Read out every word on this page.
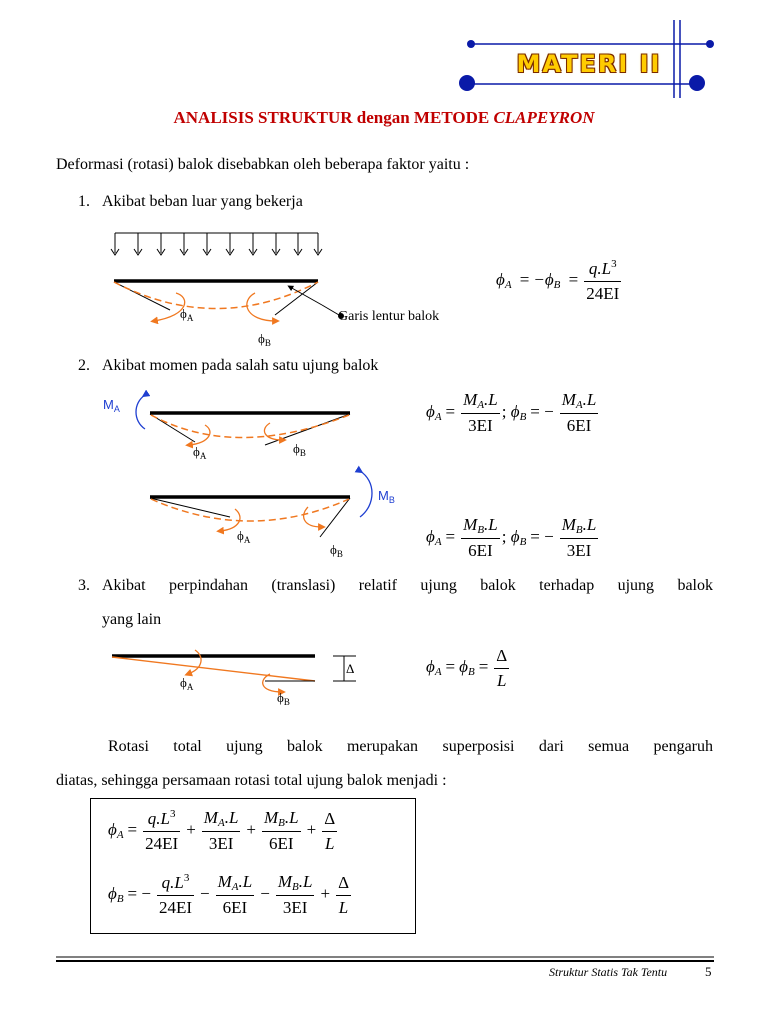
MATERI II
ANALISIS STRUKTUR dengan METODE CLAPEYRON
Deformasi (rotasi) balok disebabkan oleh beberapa faktor yaitu :
1. Akibat beban luar yang bekerja
2. Akibat momen pada salah satu ujung balok
3. Akibat perpindahan (translasi) relatif ujung balok terhadap ujung balok
yang lain
$\phi_A$
$\phi_B$
Garis lentur balok
$\phi_A = -\phi_B = \frac{q.L^3}{24EI}$
$M_A$
$\phi_A$	$\phi_B$
$\phi_A = \frac{M_A.L}{3EI}$ ; $\phi_B$ = − $\frac{M_A.L}{6EI}$
$M_B$
$\phi_A$
$\phi_B$
$\phi_A = \frac{M_B.L}{6EI}$ ; $\phi_B$ = − $\frac{M_B.L}{3EI}$
Δ
$\phi_A$
$\phi_B$
$\phi_A = \phi_B = \frac{\Delta}{L}$
Rotasi total ujung balok merupakan superposisi dari semua pengaruh
diatas, sehingga persamaan rotasi total ujung balok menjadi :
$\phi_A = \frac{q.L^3}{24EI} + \frac{M_A.L}{3EI} + \frac{M_B.L}{6EI} + \frac{\Delta}{L}$
$\phi_B$ = − $\frac{q.L^3}{24EI} - \frac{M_A.L}{6EI} - \frac{M_B.L}{3EI} + \frac{\Delta}{L}$
Struktur Statis Tak Tentu	5
